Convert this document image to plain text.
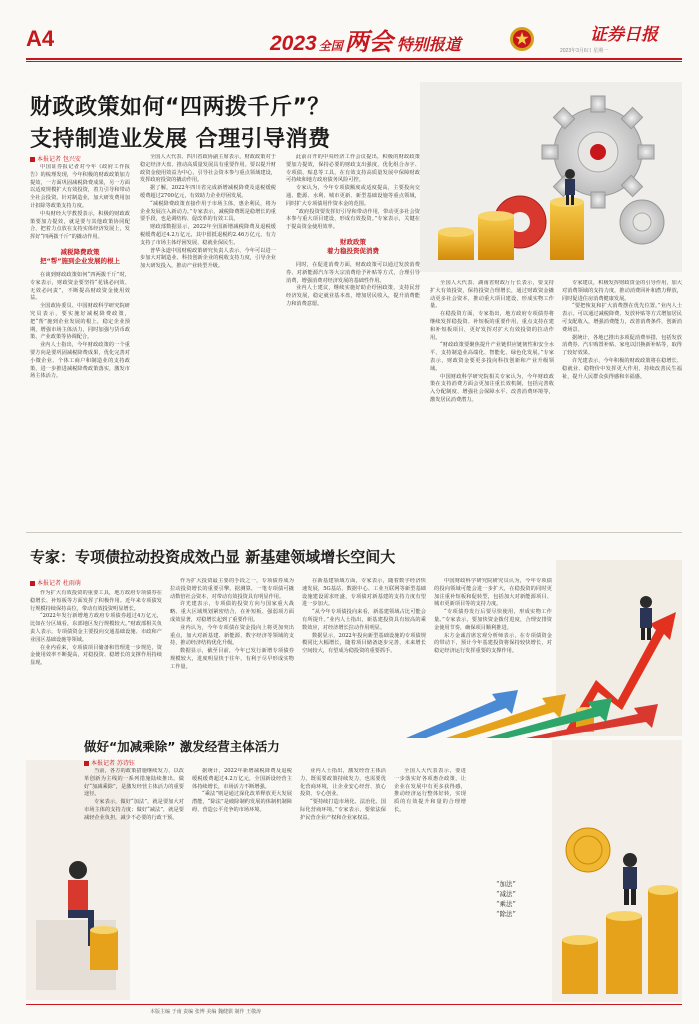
A4	2023 全国两会 特别报道
证券日报
2023年3月6日 星期一
财政政策如何“四两拨千斤”？
支持制造业发展 合理引导消费
本报记者 包兴安

中国证券报记者对今年《政府工作报告》的梳理发现，今年积极的财政政策加力提效，一方面巩固减税降费成果，另一方面以适度规模扩大有效投资，着力引导和带动全社会投资。针对制造业，加大研发费用加计扣除等政策支持力度。

中央财经大学教授表示，积极的财政政策要加力提效，就是要与其他政策协同配合，把着力点放在支持实体经济发展上，发挥好“四两拨千斤”的撬动作用。

减税降费政策
把“帮”施到企业发展的根上

在谈到财政政策如何“四两拨千斤”时，专家表示，财政资金要坚持“花钱必问效、无效必问责”，不断提高财政资金使用效益。

全国政协委员、中国财政科学研究院研究员表示，要实施好减税降费政策，把“帮”施到企业发展的根上，稳定企业预期，增强市场主体活力，同时加强与货币政策、产业政策等协调配合。

业内人士指出，今年财政政策的一个重要方向是要巩固减税降费成果，优化完善对小微企业、个体工商户和制造业的支持政策，进一步推进减税降费政策落实，激发市场主体活力。

全国人大代表、四川省政协副主席表示，财政政策对于稳定经济大盘、推动高质量发展具有重要作用。要以提升财政资金使用效益为中心，引导社会资本参与重点领域建设，发挥政府投资的撬动作用。

据了解，2022年四川省完成新增减税降费及退税缓税缓费超过2700亿元，有效助力企业纾困发展。

“减税降费政策直接作用于市场主体，惠企利民，将为企业发展注入新动力。”专家表示，减税降费既是稳增长的重要手段，也是调结构、促改革的有效工具。

财政部数据显示，2022年全国新增减税降费及退税缓税缓费超过4.2万亿元，其中留抵退税约2.46万亿元，有力支持了市场主体纾困发展、稳就业保民生。

普华永道中国财税政策研究负责人表示，今年可以进一步加大对制造业、科技创新企业的税收支持力度，引导企业加大研发投入，推动产业转型升级。

此前召开的中央经济工作会议提出，积极的财政政策要加力提效，保持必要的财政支出强度，优化组合赤字、专项债、贴息等工具，在有效支持高质量发展中保障财政可持续和地方政府债务风险可控。

专家认为，今年专项债额度或适度提高，主要投向交通、能源、水利、城市更新、新型基础设施等重点领域，同时扩大专项债用作资本金的范围。

“政府投资要发挥好引导和带动作用，带动更多社会资本参与重大项目建设，形成有效投资。”专家表示，关键在于提高资金使用效率。

财政政策
着力稳投资促消费

同时，在促进消费方面，财政政策可以通过发放消费券、对新能源汽车等大宗消费给予补贴等方式，合理引导消费，增强消费对经济发展的基础性作用。

业内人士建议，继续实施好助企纾困政策，支持民营经济发展，稳定就业基本盘，增加居民收入，提升消费能力和消费意愿。

全国人大代表、湖南省财政厅厅长表示，要支持扩大有效投资，保持投资合理增长，通过财政资金撬动更多社会资本，推动重大项目建设，形成实物工作量。

在稳投资方面，专家指出，地方政府专项债券将继续发挥稳投资、补短板的重要作用，重点支持在建和补短板项目，更好发挥对扩大有效投资的拉动作用。

“财政政策要聚焦提升产业链供应链韧性和安全水平，支持制造业高端化、智能化、绿色化发展。”专家表示，财政资金要更多投向科技创新和产业升级领域。

中国财政科学研究院相关专家认为，今年财政政策在支持消费方面会更加注重长效机制，包括完善收入分配制度、增强社会保障水平、改善消费环境等，激发居民消费潜力。

专家建议，积极发挥财政资金的引导作用，加大对消费领域的支持力度，推动消费回补和潜力释放，同时促进住房消费健康发展。

“要把恢复和扩大消费摆在优先位置。”业内人士表示，可以通过减税降费、发放补贴等方式增加居民可支配收入，增强消费能力，改善消费条件，创新消费场景。

据统计，各地已推出多项促消费举措，包括发放消费券、汽车购置补贴、家电以旧换新补贴等，取得了较好效果。

许光建表示，今年积极的财政政策将在稳增长、稳就业、稳物价中发挥更大作用，持续改善民生福祉，提升人民群众获得感和幸福感。

专家：专项债拉动投资成效凸显 新基建领域增长空间大
本报记者 杜雨萌

作为扩大有效投资的重要工具，地方政府专项债券在稳增长、补短板等方面发挥了积极作用。近年来专项债发行规模持续保持高位，带动有效投资明显增长。

“2022年发行新增地方政府专项债券超过4万亿元，比如在分区域看，东部地区发行规模较大。”财政部相关负责人表示，专项债资金主要投向交通基础设施、市政和产业园区基础设施等领域。

在业内看来，专项债项目储备和管理进一步规范，资金使用效率不断提高，对稳投资、稳增长的支撑作用持续显现。

作为扩大投资最主要的手段之一，专项债券成为拉动投资增长的重要引擎。据测算，一笔专项债可撬动数倍社会资本，对带动有效投资具有明显作用。

许光建表示，专项债的投资方向与国家重大战略、重大区域规划紧密结合，在补短板、强弱项方面成效显著，对稳增长起到了重要作用。

业内认为，今年专项债在资金投向上将更加突出重点，加大对新基建、新能源、数字经济等领域的支持，推动经济结构优化升级。

数据显示，截至目前，今年已发行新增专项债券规模较大，进度明显快于往年，有利于尽早形成实物工作量。

在新基建领域方面，专家表示，随着数字经济快速发展，5G基站、数据中心、工业互联网等新型基础设施建设需求旺盛，专项债对新基建的支持力度有望进一步加大。

“从今年专项债投向来看，新基建领域占比可能会有所提升。”业内人士指出，新基建投资具有较高的乘数效应，对经济增长拉动作用明显。

数据显示，2022年投向新型基础设施的专项债规模同比大幅增长，随着项目储备逐步完善，未来增长空间较大，有望成为稳投资的重要抓手。

中国财政科学研究院研究员认为，今年专项债的投向领域可能会进一步扩大，在稳投资的同时更加注重补短板和促转型，包括加大对新能源项目、城市更新项目等的支持力度。

“专项债券发行后要尽快使用，形成实物工作量。”专家表示，要加快资金拨付进度，合理安排资金使用节奏，确保项目顺利推进。

东方金诚首席宏观分析师表示，在专项债资金的带动下，预计今年基建投资将保持较快增长，对稳定经济运行发挥重要的支撑作用。

做好“加减乘除” 激发经营主体活力
本报记者 苏诗钰

当前，各方的政策措施继续发力，以改革创新为主线的一系列措施陆续推出。做好“加减乘除”，是激发经营主体活力的重要途径。

专家表示，做好“加法”，就是要加大对市场主体的支持力度；做好“减法”，就是要减轻企业负担，减少不必要的行政干预。

据统计，2022年新增减税降费及退税缓税缓费超过4.2万亿元，全国新设经营主体持续增长，市场活力不断增强。

“乘法”则是通过深化改革释放更大发展潜能，“除法”是破除制约发展的体制机制障碍，营造公平竞争的市场环境。

业内人士指出，激发经营主体活力，既需要政策持续发力，也需要优化营商环境，让企业安心经营、放心投资、专心创业。

“要持续打造市场化、法治化、国际化营商环境。”专家表示，要依法保护民营企业产权和企业家权益。

全国人大代表表示，要进一步落实好各项惠企政策，让企业在发展中有更多获得感，推动经济运行整体好转，实现质的有效提升和量的合理增长。

“加法”
“减法”
“乘法”
“除法”
本版主编 于南 责编 张博 美编 魏健骐 制作 王敬涛
